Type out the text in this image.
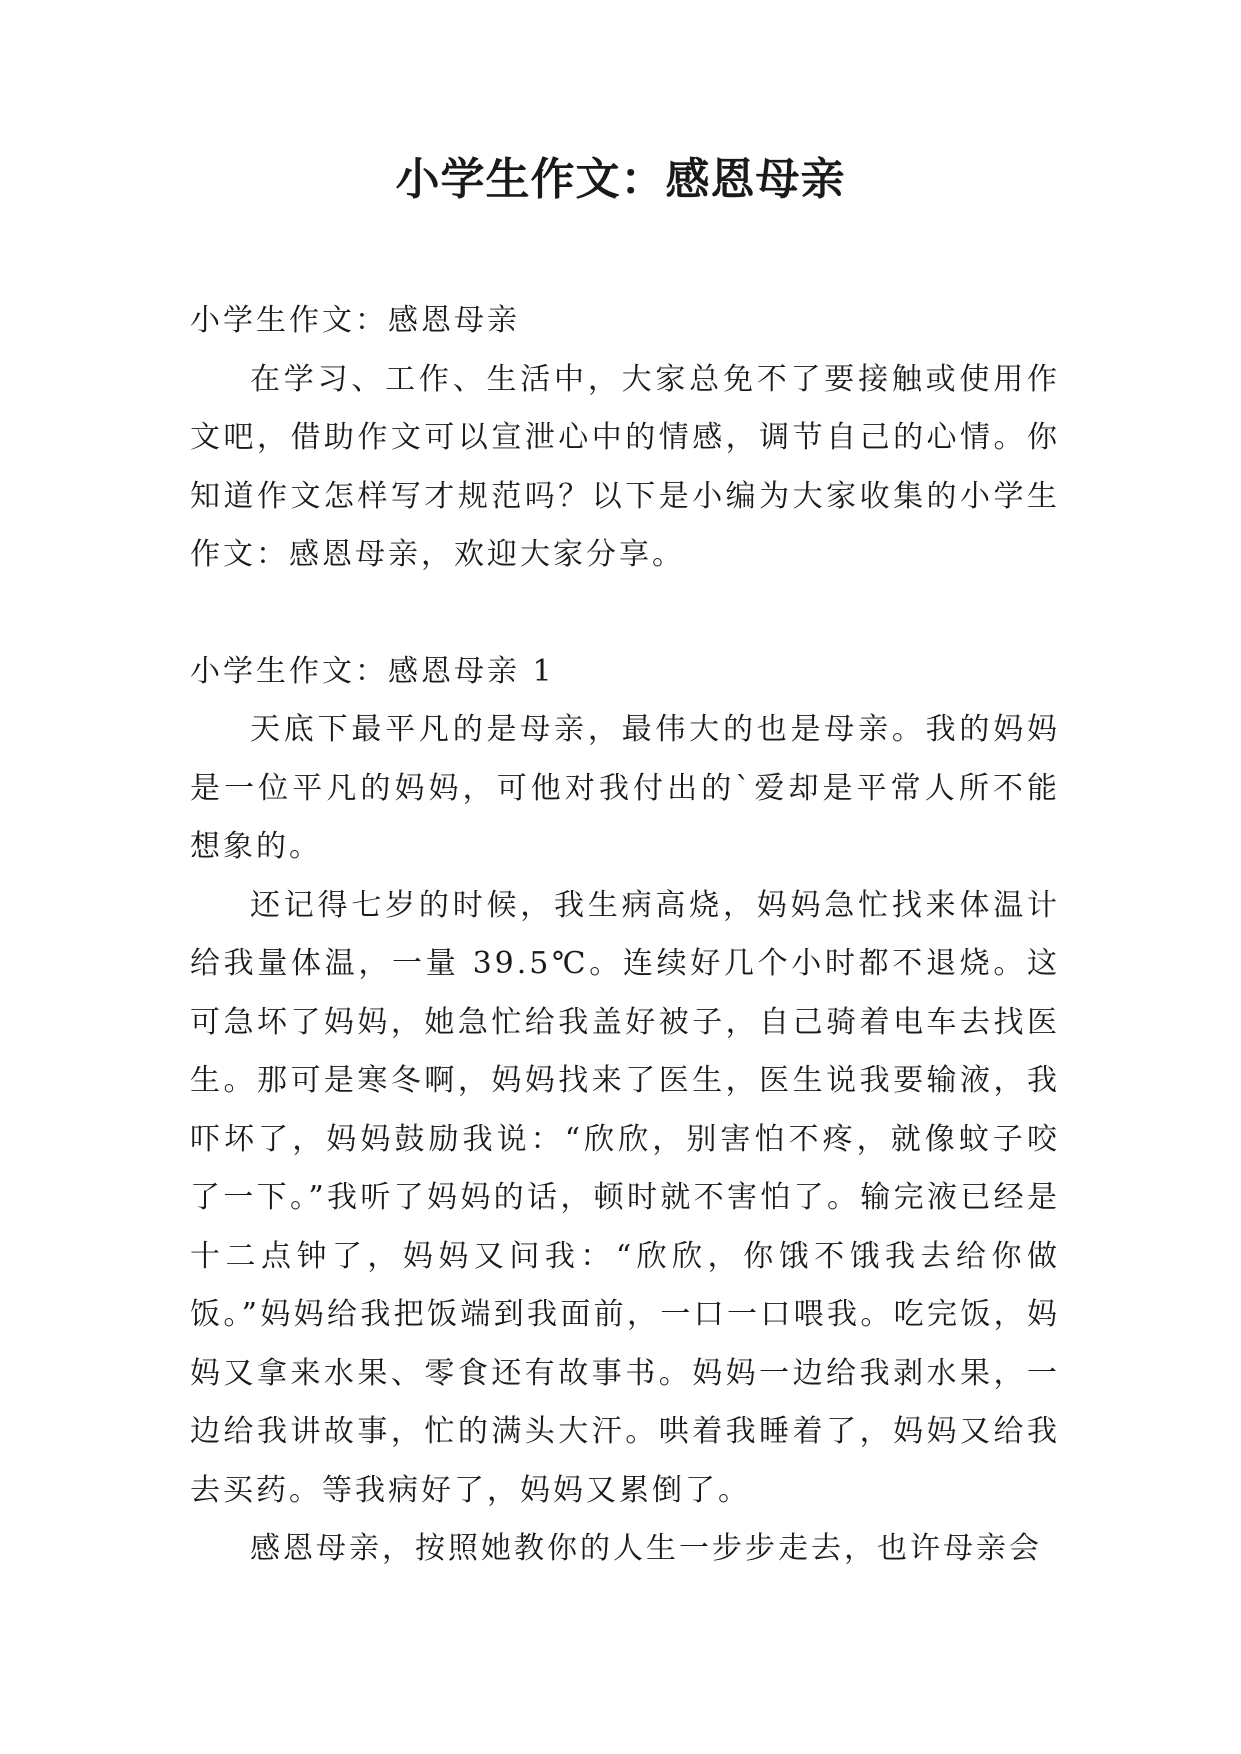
小学生作文：感恩母亲

小学生作文：感恩母亲

在学习、工作、生活中，大家总免不了要接触或使用作文吧，借助作文可以宣泄心中的情感，调节自己的心情。你知道作文怎样写才规范吗？以下是小编为大家收集的小学生作文：感恩母亲，欢迎大家分享。

小学生作文：感恩母亲 1

天底下最平凡的是母亲，最伟大的也是母亲。我的妈妈是一位平凡的妈妈，可他对我付出的`爱却是平常人所不能想象的。

还记得七岁的时候，我生病高烧，妈妈急忙找来体温计给我量体温，一量 39.5℃。连续好几个小时都不退烧。这可急坏了妈妈，她急忙给我盖好被子，自己骑着电车去找医生。那可是寒冬啊，妈妈找来了医生，医生说我要输液，我吓坏了，妈妈鼓励我说：“欣欣，别害怕不疼，就像蚊子咬了一下。”我听了妈妈的话，顿时就不害怕了。输完液已经是十二点钟了，妈妈又问我：“欣欣，你饿不饿我去给你做饭。”妈妈给我把饭端到我面前，一口一口喂我。吃完饭，妈妈又拿来水果、零食还有故事书。妈妈一边给我剥水果，一边给我讲故事，忙的满头大汗。哄着我睡着了，妈妈又给我去买药。等我病好了，妈妈又累倒了。

感恩母亲，按照她教你的人生一步步走去，也许母亲会
